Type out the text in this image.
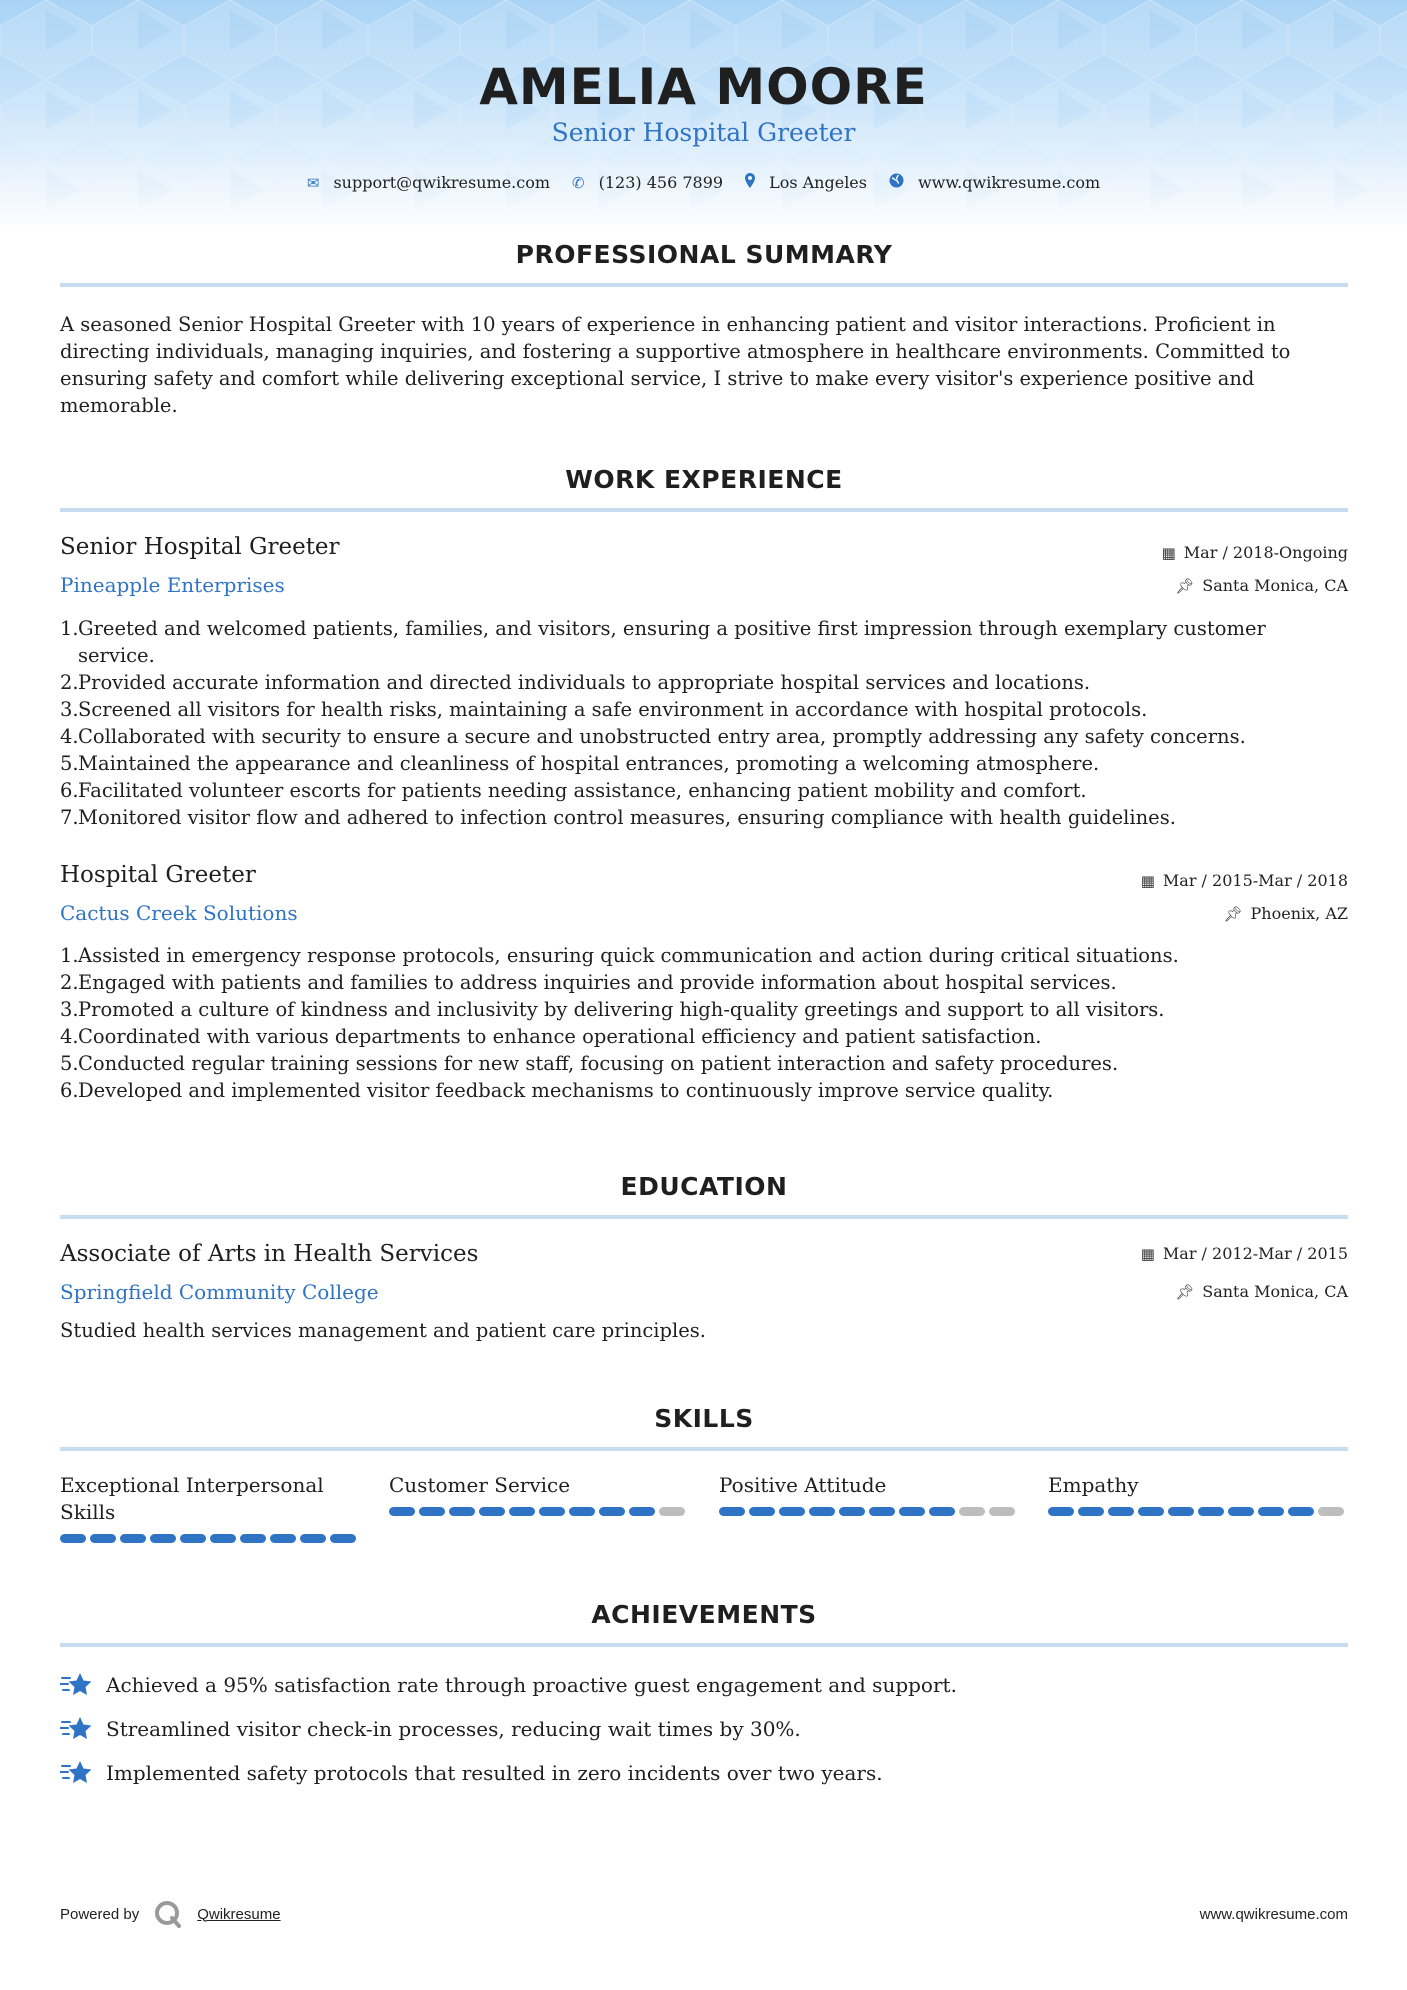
AMELIA MOORE
Senior Hospital Greeter
✉ support@qwikresume.com ✆ (123) 456 7899	Los Angeles	www.qwikresume.com
PROFESSIONAL SUMMARY
A seasoned Senior Hospital Greeter with 10 years of experience in enhancing patient and visitor interactions. Proficient in directing individuals, managing inquiries, and fostering a supportive atmosphere in healthcare environments. Committed to ensuring safety and comfort while delivering exceptional service, I strive to make every visitor's experience positive and memorable.
WORK EXPERIENCE
Senior Hospital Greeter	▦ Mar / 2018-Ongoing
Pineapple Enterprises	📌︎ Santa Monica, CA
1. Greeted and welcomed patients, families, and visitors, ensuring a positive first impression through exemplary customer service.
2. Provided accurate information and directed individuals to appropriate hospital services and locations.
3. Screened all visitors for health risks, maintaining a safe environment in accordance with hospital protocols.
4. Collaborated with security to ensure a secure and unobstructed entry area, promptly addressing any safety concerns.
5. Maintained the appearance and cleanliness of hospital entrances, promoting a welcoming atmosphere.
6. Facilitated volunteer escorts for patients needing assistance, enhancing patient mobility and comfort.
7. Monitored visitor flow and adhered to infection control measures, ensuring compliance with health guidelines.
Hospital Greeter	▦ Mar / 2015-Mar / 2018
Cactus Creek Solutions	📌︎ Phoenix, AZ
1. Assisted in emergency response protocols, ensuring quick communication and action during critical situations.
2. Engaged with patients and families to address inquiries and provide information about hospital services.
3. Promoted a culture of kindness and inclusivity by delivering high-quality greetings and support to all visitors.
4. Coordinated with various departments to enhance operational efficiency and patient satisfaction.
5. Conducted regular training sessions for new staff, focusing on patient interaction and safety procedures.
6. Developed and implemented visitor feedback mechanisms to continuously improve service quality.
EDUCATION
Associate of Arts in Health Services	▦ Mar / 2012-Mar / 2015
Springfield Community College	📌︎ Santa Monica, CA
Studied health services management and patient care principles.
SKILLS
Exceptional Interpersonal Skills
Customer Service	Positive Attitude	Empathy
ACHIEVEMENTS
Achieved a 95% satisfaction rate through proactive guest engagement and support.
Streamlined visitor check-in processes, reducing wait times by 30%.
Implemented safety protocols that resulted in zero incidents over two years.
Powered by	Qwikresume	www.qwikresume.com
